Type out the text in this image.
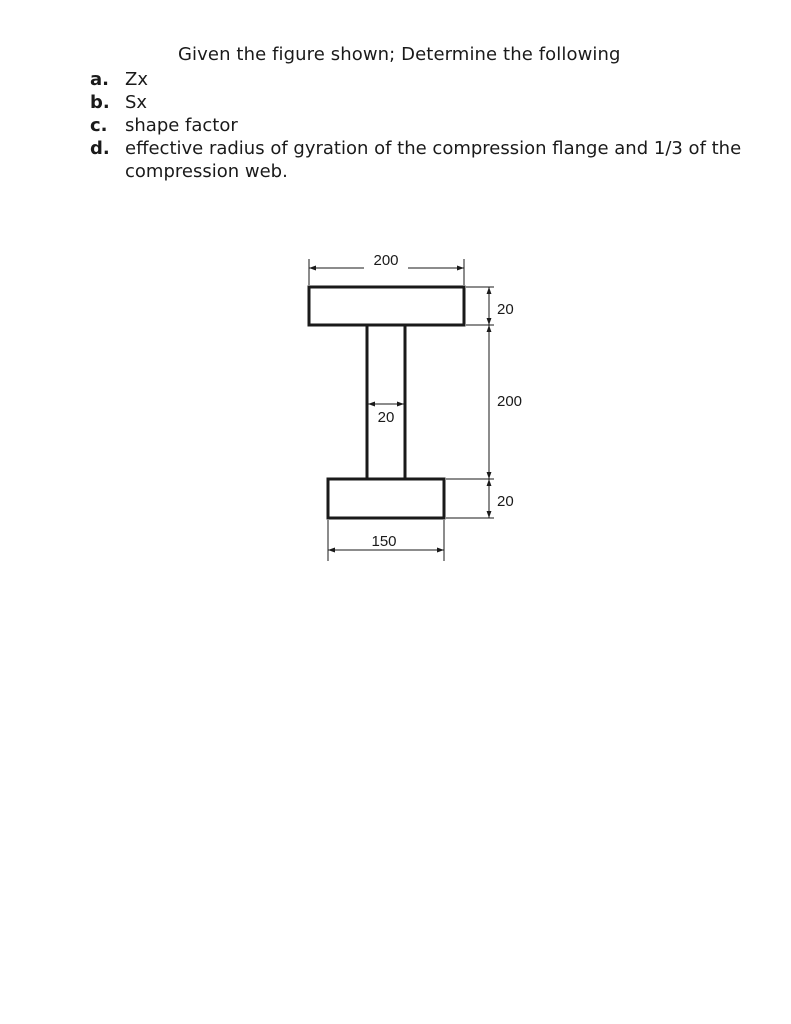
Given the figure shown; Determine the following
a. Zx
b. Sx
c. shape factor
d. effective radius of gyration of the compression flange and 1/3 of the compression web.
200
20
200
20
20
150
